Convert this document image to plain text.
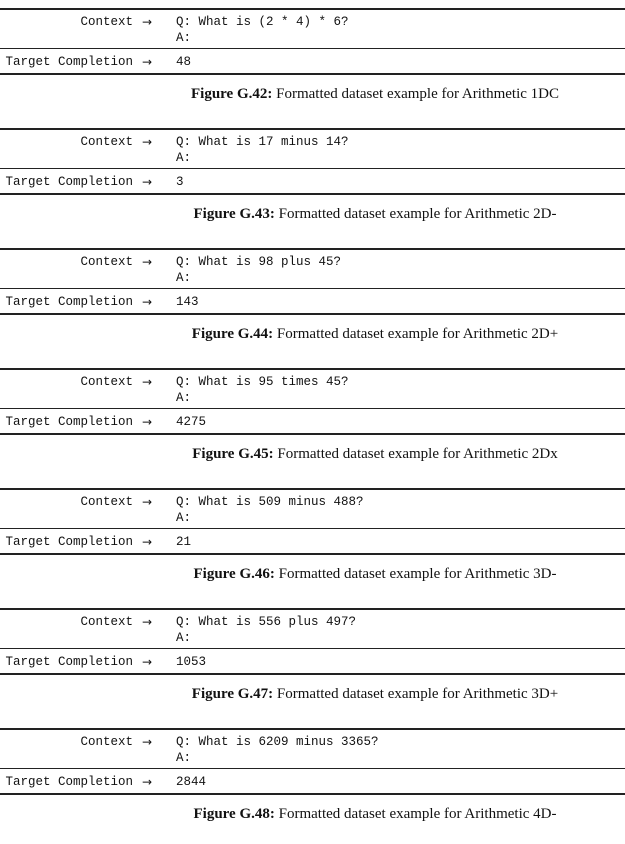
Context →	Q: What is (2 * 4) * 6?
A:
Target Completion →	48
Figure G.42: Formatted dataset example for Arithmetic 1DC
Context →	Q: What is 17 minus 14?
A:
Target Completion →	3
Figure G.43: Formatted dataset example for Arithmetic 2D-
Context →	Q: What is 98 plus 45?
A:
Target Completion →	143
Figure G.44: Formatted dataset example for Arithmetic 2D+
Context →	Q: What is 95 times 45?
A:
Target Completion →	4275
Figure G.45: Formatted dataset example for Arithmetic 2Dx
Context →	Q: What is 509 minus 488?
A:
Target Completion →	21
Figure G.46: Formatted dataset example for Arithmetic 3D-
Context →	Q: What is 556 plus 497?
A:
Target Completion →	1053
Figure G.47: Formatted dataset example for Arithmetic 3D+
Context →	Q: What is 6209 minus 3365?
A:
Target Completion →	2844
Figure G.48: Formatted dataset example for Arithmetic 4D-
